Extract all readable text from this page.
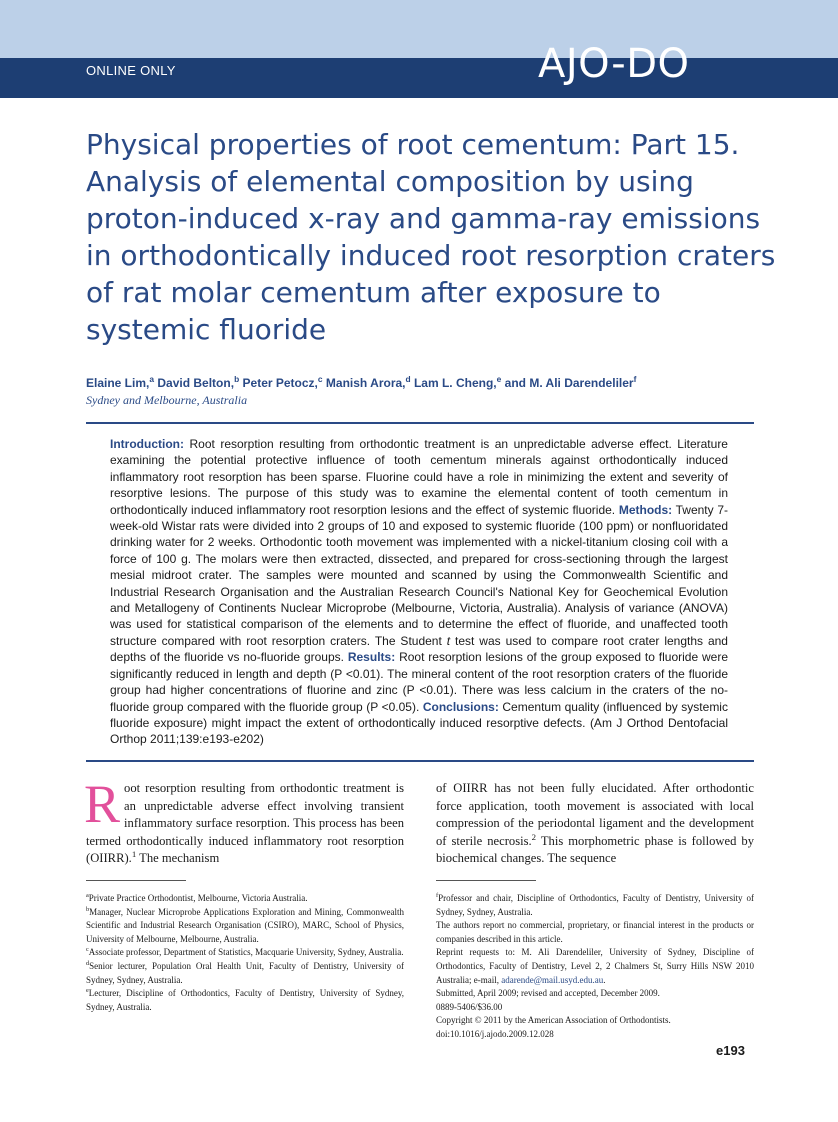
ONLINE ONLY	AJO-DO
Physical properties of root cementum: Part 15. Analysis of elemental composition by using proton-induced x-ray and gamma-ray emissions in orthodontically induced root resorption craters of rat molar cementum after exposure to systemic fluoride
Elaine Lim,$^a$ David Belton,$^b$ Peter Petocz,$^c$ Manish Arora,$^d$ Lam L. Cheng,$^e$ and M. Ali Darendeliler$^f$
Sydney and Melbourne, Australia

Introduction: Root resorption resulting from orthodontic treatment is an unpredictable adverse effect. Literature examining the potential protective influence of tooth cementum minerals against orthodontically induced inflammatory root resorption has been sparse. Fluorine could have a role in minimizing the extent and severity of resorptive lesions. The purpose of this study was to examine the elemental content of tooth cementum in orthodontically induced inflammatory root resorption lesions and the effect of systemic fluoride. Methods: Twenty 7-week-old Wistar rats were divided into 2 groups of 10 and exposed to systemic fluoride (100 ppm) or nonfluoridated drinking water for 2 weeks. Orthodontic tooth movement was implemented with a nickel-titanium closing coil with a force of 100 g. The molars were then extracted, dissected, and prepared for cross-sectioning through the largest mesial midroot crater. The samples were mounted and scanned by using the Commonwealth Scientific and Industrial Research Organisation and the Australian Research Council's National Key for Geochemical Evolution and Metallogeny of Continents Nuclear Microprobe (Melbourne, Victoria, Australia). Analysis of variance (ANOVA) was used for statistical comparison of the elements and to determine the effect of fluoride, and unaffected tooth structure compared with root resorption craters. The Student t test was used to compare root crater lengths and depths of the fluoride vs no-fluoride groups. Results: Root resorption lesions of the group exposed to fluoride were significantly reduced in length and depth (P <0.01). The mineral content of the root resorption craters of the fluoride group had higher concentrations of fluorine and zinc (P <0.01). There was less calcium in the craters of the no-fluoride group compared with the fluoride group (P <0.05). Conclusions: Cementum quality (influenced by systemic fluoride exposure) might impact the extent of orthodontically induced resorptive defects. (Am J Orthod Dentofacial Orthop 2011;139:e193-e202)

Root resorption resulting from orthodontic treatment is an unpredictable adverse effect involving transient inflammatory surface resorption. This process has been termed orthodontically induced inflammatory root resorption (OIIRR).$^1$ The mechanism

of OIIRR has not been fully elucidated. After orthodontic force application, tooth movement is associated with local compression of the periodontal ligament and the development of sterile necrosis.$^2$ This morphometric phase is followed by biochemical changes. The sequence

$^a$Private Practice Orthodontist, Melbourne, Victoria Australia.

$^b$Manager, Nuclear Microprobe Applications Exploration and Mining, Commonwealth Scientific and Industrial Research Organisation (CSIRO), MARC, School of Physics, University of Melbourne, Melbourne, Australia.

$^c$Associate professor, Department of Statistics, Macquarie University, Sydney, Australia.

$^d$Senior lecturer, Population Oral Health Unit, Faculty of Dentistry, University of Sydney, Sydney, Australia.

$^e$Lecturer, Discipline of Orthodontics, Faculty of Dentistry, University of Sydney, Sydney, Australia.

$^f$Professor and chair, Discipline of Orthodontics, Faculty of Dentistry, University of Sydney, Sydney, Australia.

The authors report no commercial, proprietary, or financial interest in the products or companies described in this article.

Reprint requests to: M. Ali Darendeliler, University of Sydney, Discipline of Orthodontics, Faculty of Dentistry, Level 2, 2 Chalmers St, Surry Hills NSW 2010 Australia; e-mail, adarende@mail.usyd.edu.au.

Submitted, April 2009; revised and accepted, December 2009.

0889-5406/$36.00

Copyright © 2011 by the American Association of Orthodontists.

doi:10.1016/j.ajodo.2009.12.028

e193
